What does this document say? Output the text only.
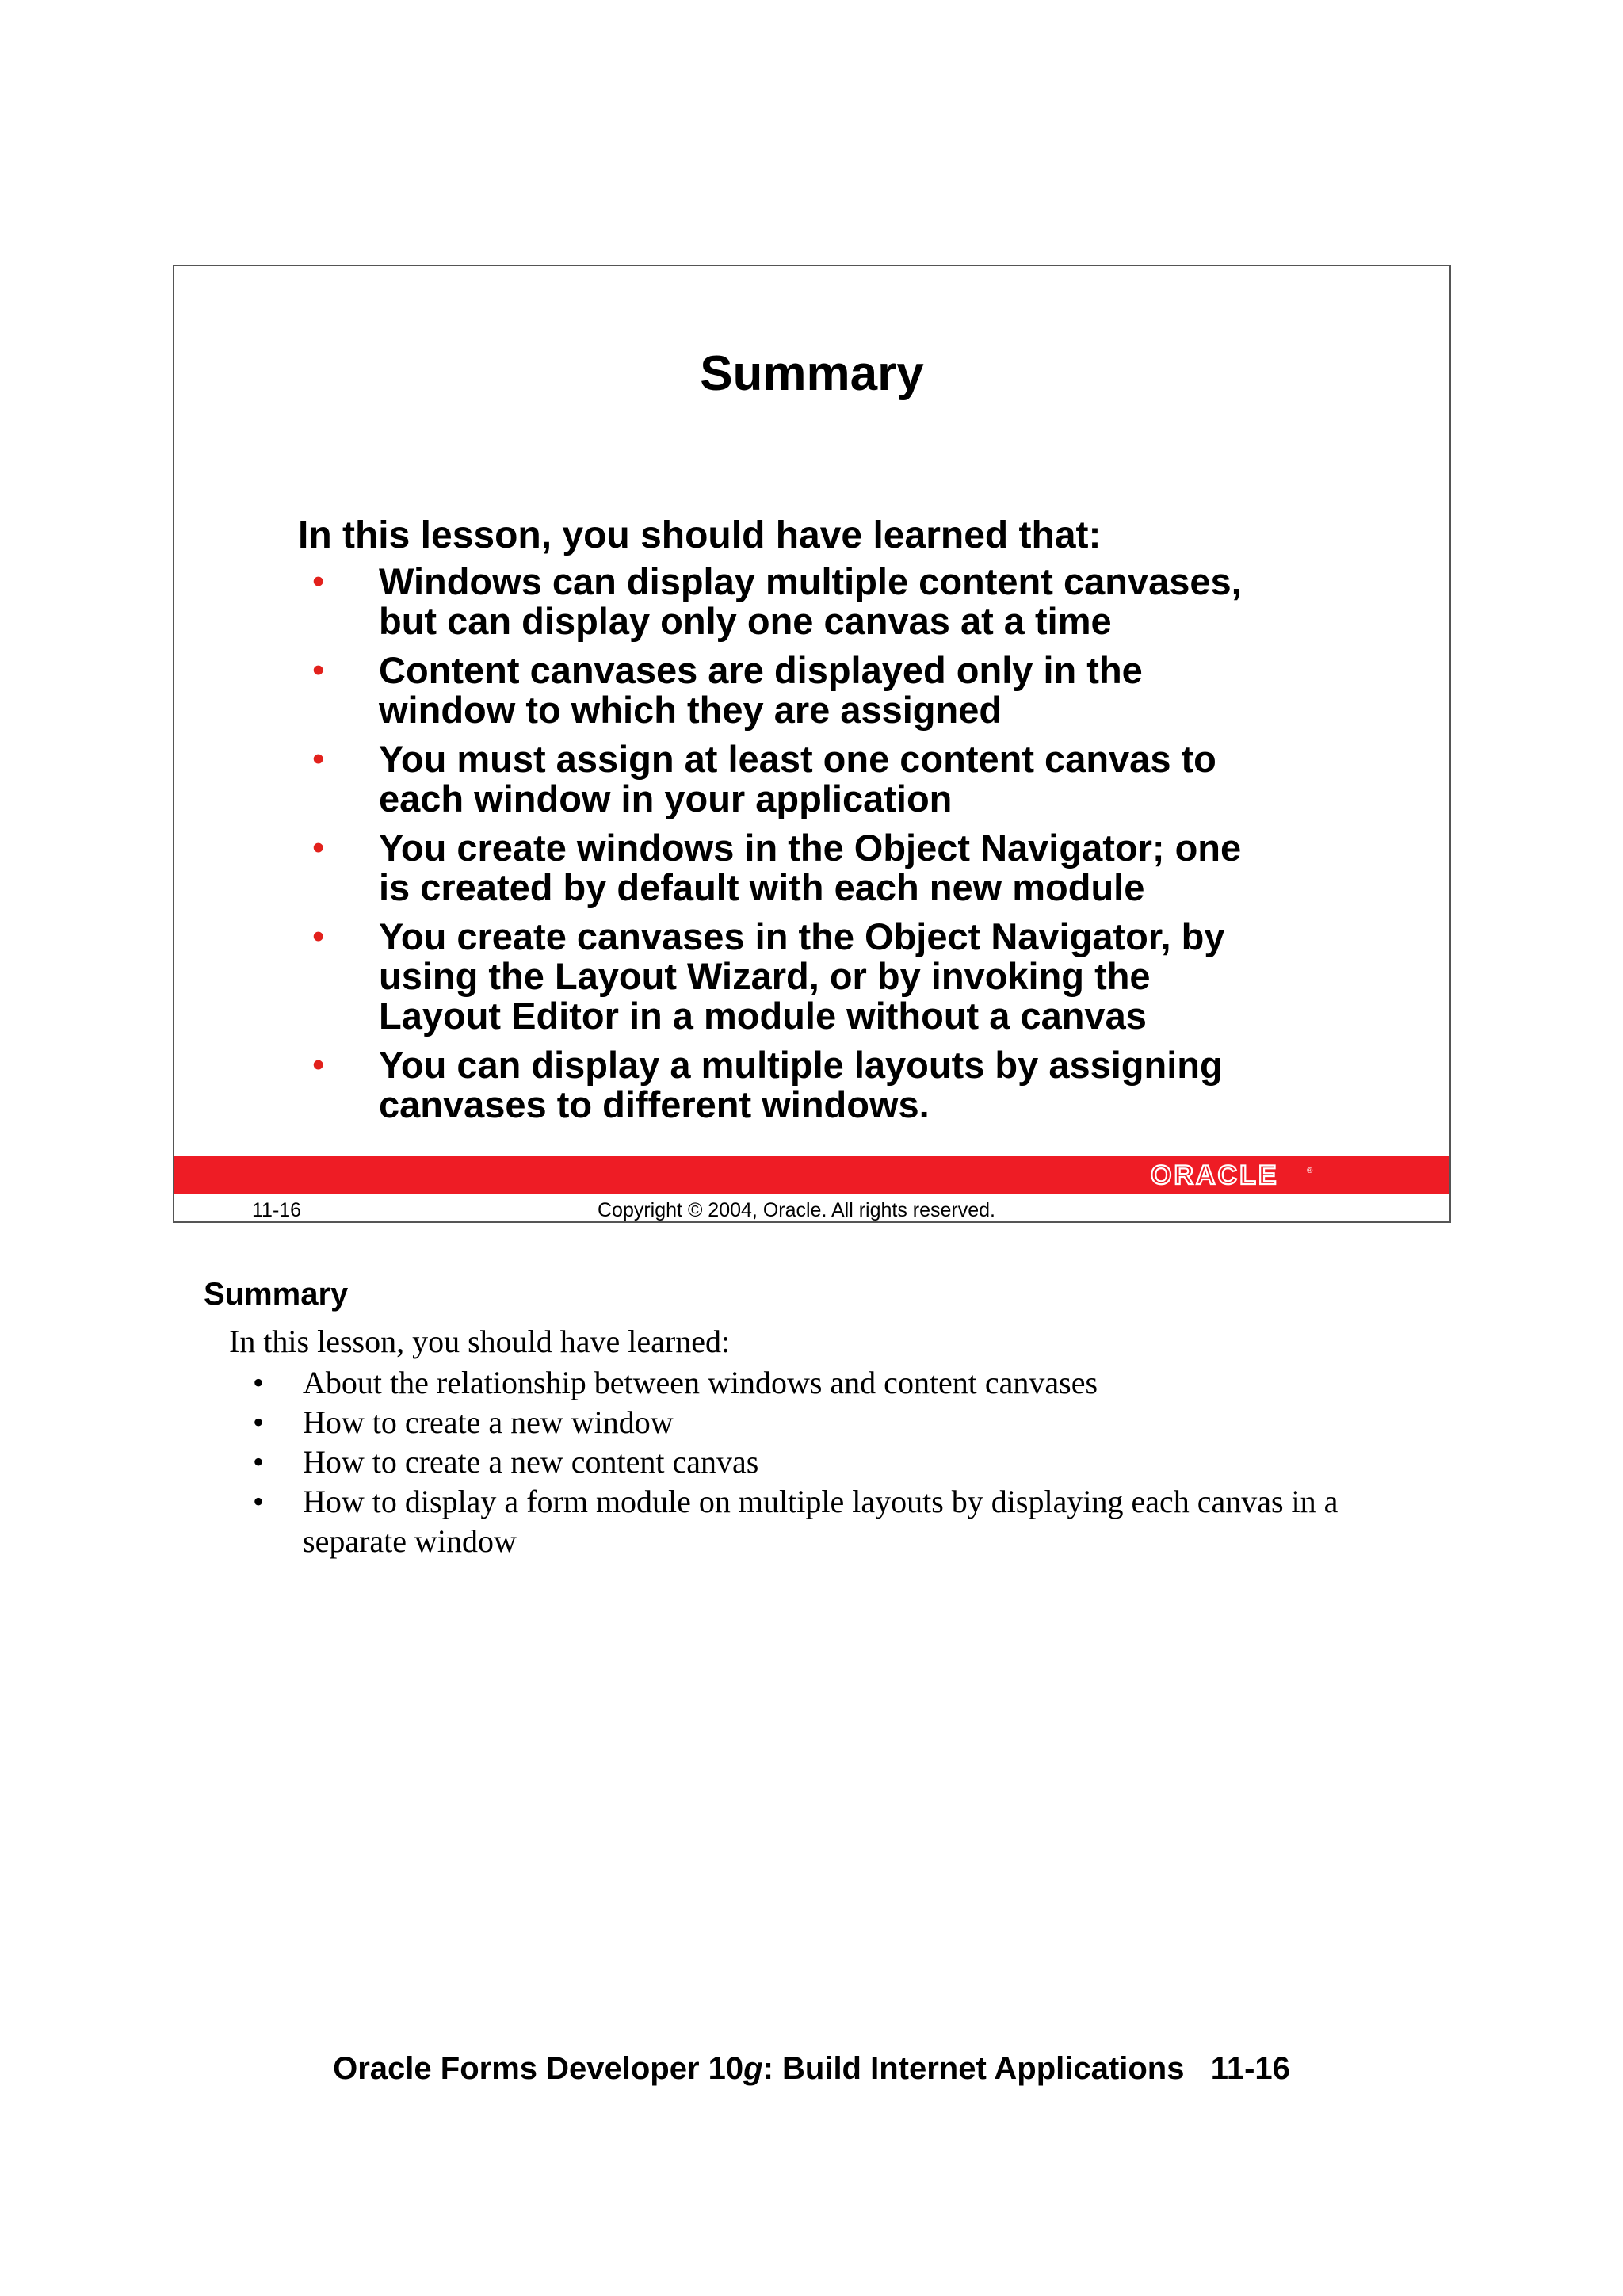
Summary
In this lesson, you should have learned that:
• Windows can display multiple content canvases,
but can display only one canvas at a time
• Content canvases are displayed only in the
window to which they are assigned
• You must assign at least one content canvas to
each window in your application
• You create windows in the Object Navigator; one
is created by default with each new module
• You create canvases in the Object Navigator, by
using the Layout Wizard, or by invoking the
Layout Editor in a module without a canvas
• You can display a multiple layouts by assigning
canvases to different windows.
ORACLE	®
11-16	Copyright © 2004, Oracle. All rights reserved.
Summary
In this lesson, you should have learned:
• About the relationship between windows and content canvases
• How to create a new window
• How to create a new content canvas
• How to display a form module on multiple layouts by displaying each canvas in a
separate window
Oracle Forms Developer 10g: Build Internet Applications 11-16
